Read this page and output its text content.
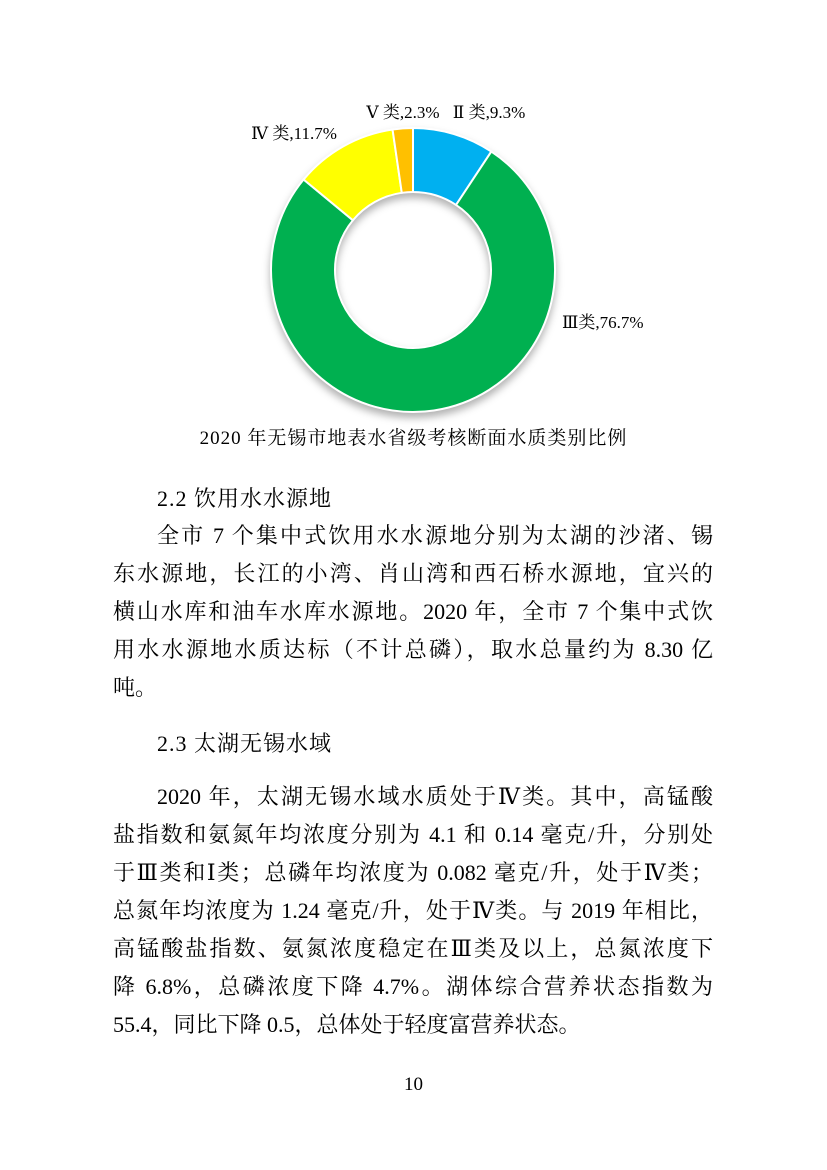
Ⅴ 类,2.3% Ⅱ 类,9.3%
Ⅳ 类,11.7%
Ⅲ类,76.7%
2020 年无锡市地表水省级考核断面水质类别比例
2.2 饮用水水源地
全市 7 个集中式饮用水水源地分别为太湖的沙渚、锡
东水源地，长江的小湾、肖山湾和西石桥水源地，宜兴的
横山水库和油车水库水源地。2020 年，全市 7 个集中式饮
用水水源地水质达标（不计总磷），取水总量约为 8.30 亿
吨。
2.3 太湖无锡水域
2020 年，太湖无锡水域水质处于Ⅳ类。其中，高锰酸
盐指数和氨氮年均浓度分别为 4.1 和 0.14 毫克/升，分别处
于Ⅲ类和Ⅰ类；总磷年均浓度为 0.082 毫克/升，处于Ⅳ类；
总氮年均浓度为 1.24 毫克/升，处于Ⅳ类。与 2019 年相比，
高锰酸盐指数、氨氮浓度稳定在Ⅲ类及以上，总氮浓度下
降 6.8%，总磷浓度下降 4.7%。湖体综合营养状态指数为
55.4，同比下降 0.5，总体处于轻度富营养状态。
10
